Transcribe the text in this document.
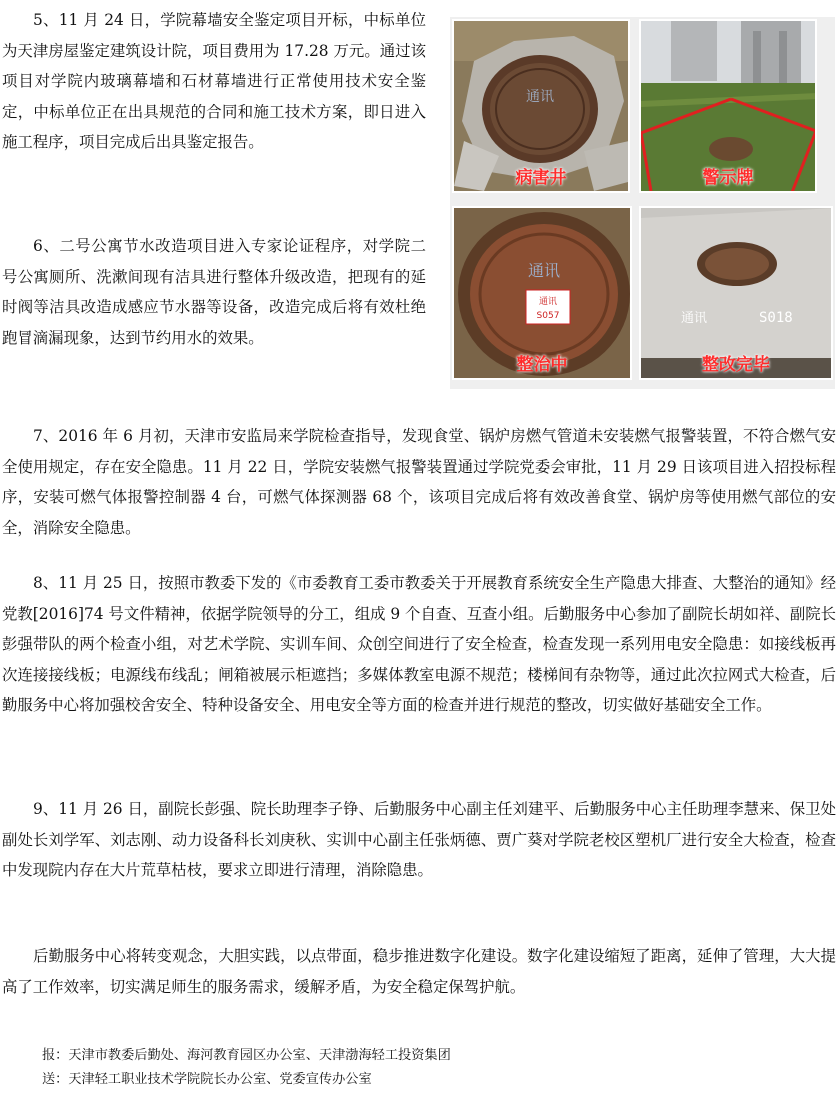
5、11 月 24 日，学院幕墙安全鉴定项目开标，中标单位为天津房屋鉴定建筑设计院，项目费用为 17.28 万元。通过该项目对学院内玻璃幕墙和石材幕墙进行正常使用技术安全鉴定，中标单位正在出具规范的合同和施工技术方案，即日进入施工程序，项目完成后出具鉴定报告。

6、二号公寓节水改造项目进入专家论证程序，对学院二号公寓厕所、洗漱间现有洁具进行整体升级改造，把现有的延时阀等洁具改造成感应节水器等设备，改造完成后将有效杜绝跑冒滴漏现象，达到节约用水的效果。

通讯
病害井	警示牌
通讯
通讯
S057
整治中
通讯	S018
整改完毕

7、2016 年 6 月初，天津市安监局来学院检查指导，发现食堂、锅炉房燃气管道未安装燃气报警装置，不符合燃气安全使用规定，存在安全隐患。11 月 22 日，学院安装燃气报警装置通过学院党委会审批，11 月 29 日该项目进入招投标程序，安装可燃气体报警控制器 4 台，可燃气体探测器 68 个，该项目完成后将有效改善食堂、锅炉房等使用燃气部位的安全，消除安全隐患。

8、11 月 25 日，按照市教委下发的《市委教育工委市教委关于开展教育系统安全生产隐患大排查、大整治的通知》经党教[2016]74 号文件精神，依据学院领导的分工，组成 9 个自查、互查小组。后勤服务中心参加了副院长胡如祥、副院长彭强带队的两个检查小组，对艺术学院、实训车间、众创空间进行了安全检查，检查发现一系列用电安全隐患：如接线板再次连接接线板；电源线布线乱；闸箱被展示柜遮挡；多媒体教室电源不规范；楼梯间有杂物等，通过此次拉网式大检查，后勤服务中心将加强校舍安全、特种设备安全、用电安全等方面的检查并进行规范的整改，切实做好基础安全工作。

9、11 月 26 日，副院长彭强、院长助理李子铮、后勤服务中心副主任刘建平、后勤服务中心主任助理李慧来、保卫处副处长刘学军、刘志刚、动力设备科长刘庚秋、实训中心副主任张炳德、贾广葵对学院老校区塑机厂进行安全大检查，检查中发现院内存在大片荒草枯枝，要求立即进行清理，消除隐患。

后勤服务中心将转变观念，大胆实践，以点带面，稳步推进数字化建设。数字化建设缩短了距离，延伸了管理，大大提高了工作效率，切实满足师生的服务需求，缓解矛盾，为安全稳定保驾护航。

报：天津市教委后勤处、海河教育园区办公室、天津渤海轻工投资集团

送：天津轻工职业技术学院院长办公室、党委宣传办公室
